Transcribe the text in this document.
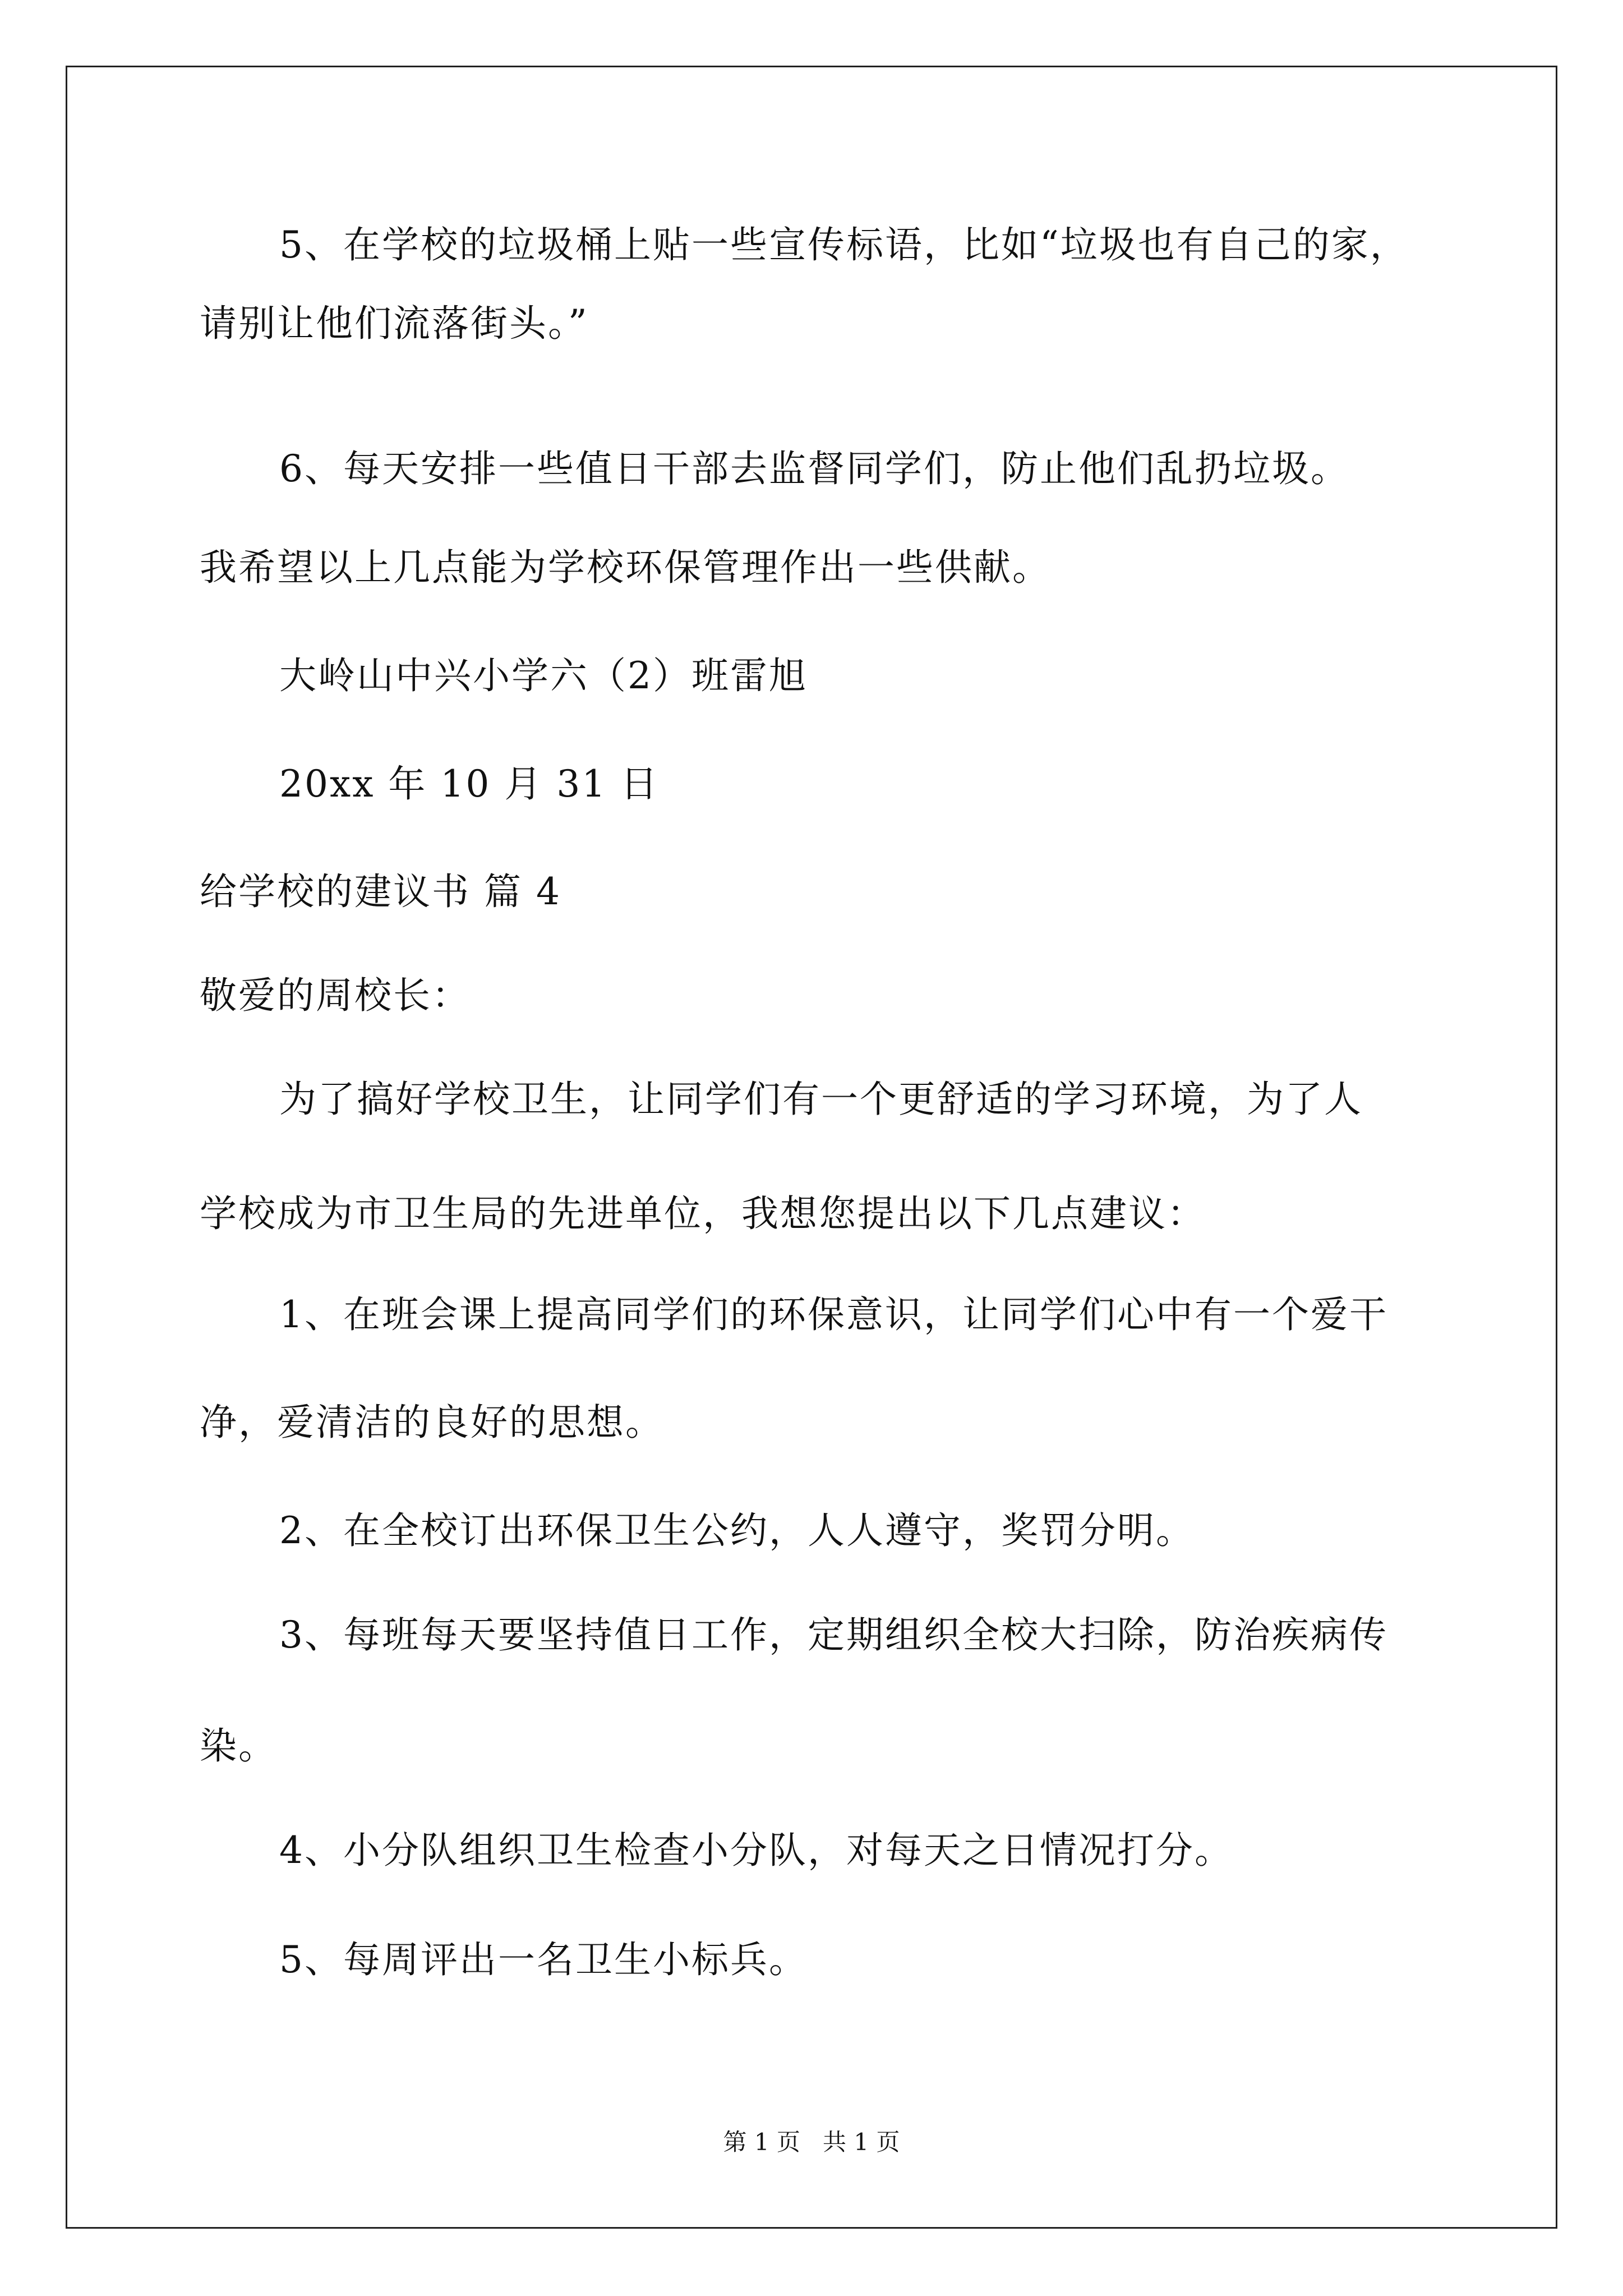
5、在学校的垃圾桶上贴一些宣传标语，比如“垃圾也有自己的家，
请别让他们流落街头。”
6、每天安排一些值日干部去监督同学们，防止他们乱扔垃圾。
我希望以上几点能为学校环保管理作出一些供献。
大岭山中兴小学六（2）班雷旭
20xx 年 10 月 31 日
给学校的建议书 篇 4
敬爱的周校长：
为了搞好学校卫生，让同学们有一个更舒适的学习环境，为了人
学校成为市卫生局的先进单位，我想您提出以下几点建议：
1、在班会课上提高同学们的环保意识，让同学们心中有一个爱干
净，爱清洁的良好的思想。
2、在全校订出环保卫生公约，人人遵守，奖罚分明。
3、每班每天要坚持值日工作，定期组织全校大扫除，防治疾病传
染。
4、小分队组织卫生检查小分队，对每天之日情况打分。
5、每周评出一名卫生小标兵。
第 1 页   共 1 页
